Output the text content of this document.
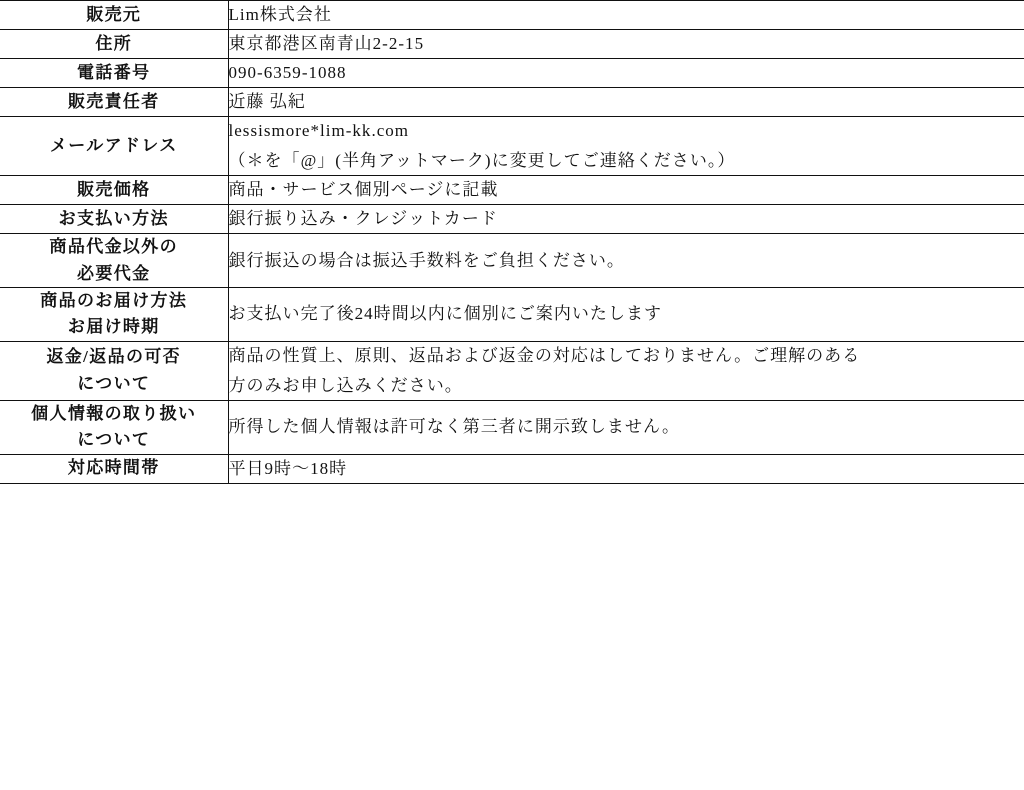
販売元	Lim株式会社

住所	東京都港区南青山2-2-15

電話番号	090-6359-1088

販売責任者	近藤 弘紀

メールアドレス	lessismore*lim-kk.com
（＊を「@」(半角アットマーク)に変更してご連絡ください。）

販売価格	商品・サービス個別ページに記載

お支払い方法	銀行振り込み・クレジットカード

商品代金以外の
必要代金	銀行振込の場合は振込手数料をご負担ください。

商品のお届け方法
お届け時期	お支払い完了後24時間以内に個別にご案内いたします

返金/返品の可否
について	商品の性質上、原則、返品および返金の対応はしておりません。ご理解のある
方のみお申し込みください。

個人情報の取り扱い
について	所得した個人情報は許可なく第三者に開示致しません。

対応時間帯	平日9時〜18時
